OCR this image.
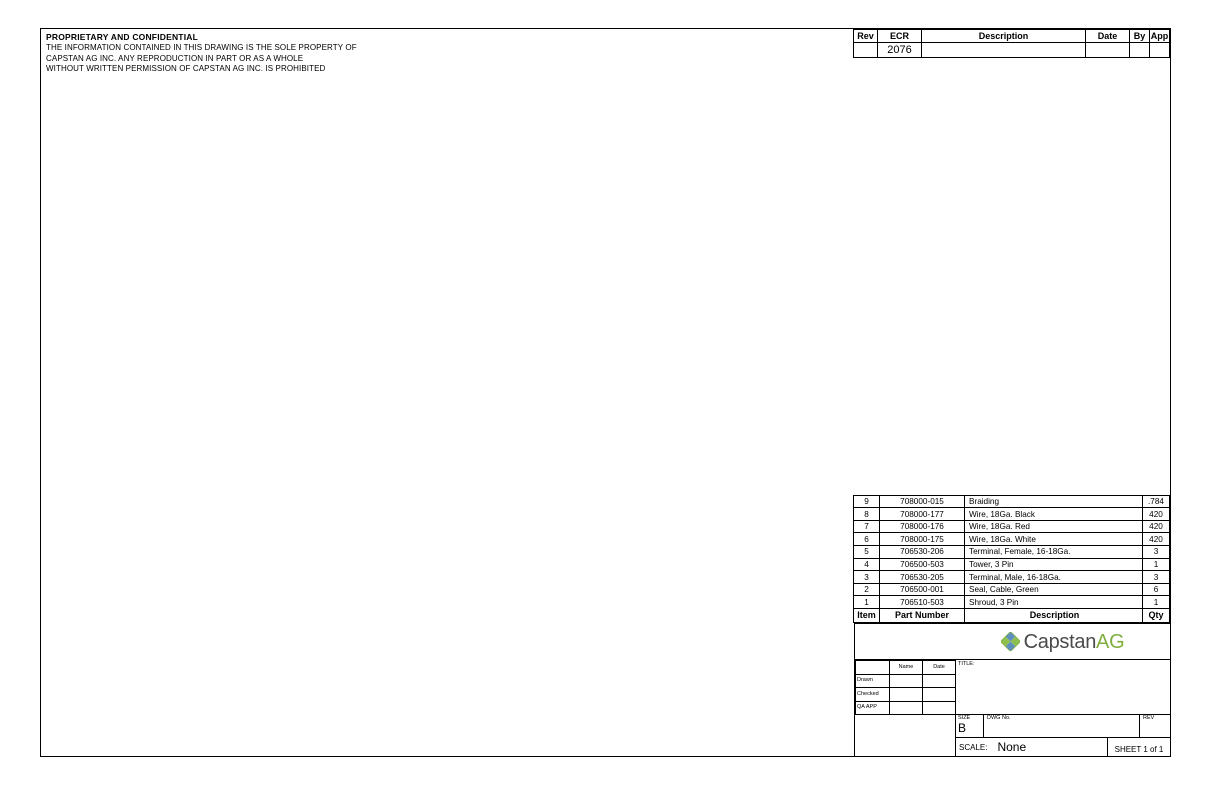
PROPRIETARY AND CONFIDENTIAL
THE INFORMATION CONTAINED IN THIS DRAWING IS THE SOLE PROPERTY OF
CAPSTAN AG INC. ANY REPRODUCTION IN PART OR AS A WHOLE
WITHOUT WRITTEN PERMISSION OF CAPSTAN AG INC. IS PROHIBITED
Rev	ECR	Description	Date	By	App
	2076				
9	708000-015	Braiding	.784
8	708000-177	Wire, 18Ga. Black	420
7	708000-176	Wire, 18Ga. Red	420
6	708000-175	Wire, 18Ga. White	420
5	706530-206	Terminal, Female, 16-18Ga.	3
4	706500-503	Tower, 3 Pin	1
3	706530-205	Terminal, Male, 16-18Ga.	3
2	706500-001	Seal, Cable, Green	6
1	706510-503	Shroud, 3 Pin	1
Item	Part Number	Description	Qty
CapstanAG
	Name	Date
Drawn		
Checked		
QA APP		
TITLE:
SIZE
B
DWG No.	REV
SCALE: None	SHEET 1 of 1
